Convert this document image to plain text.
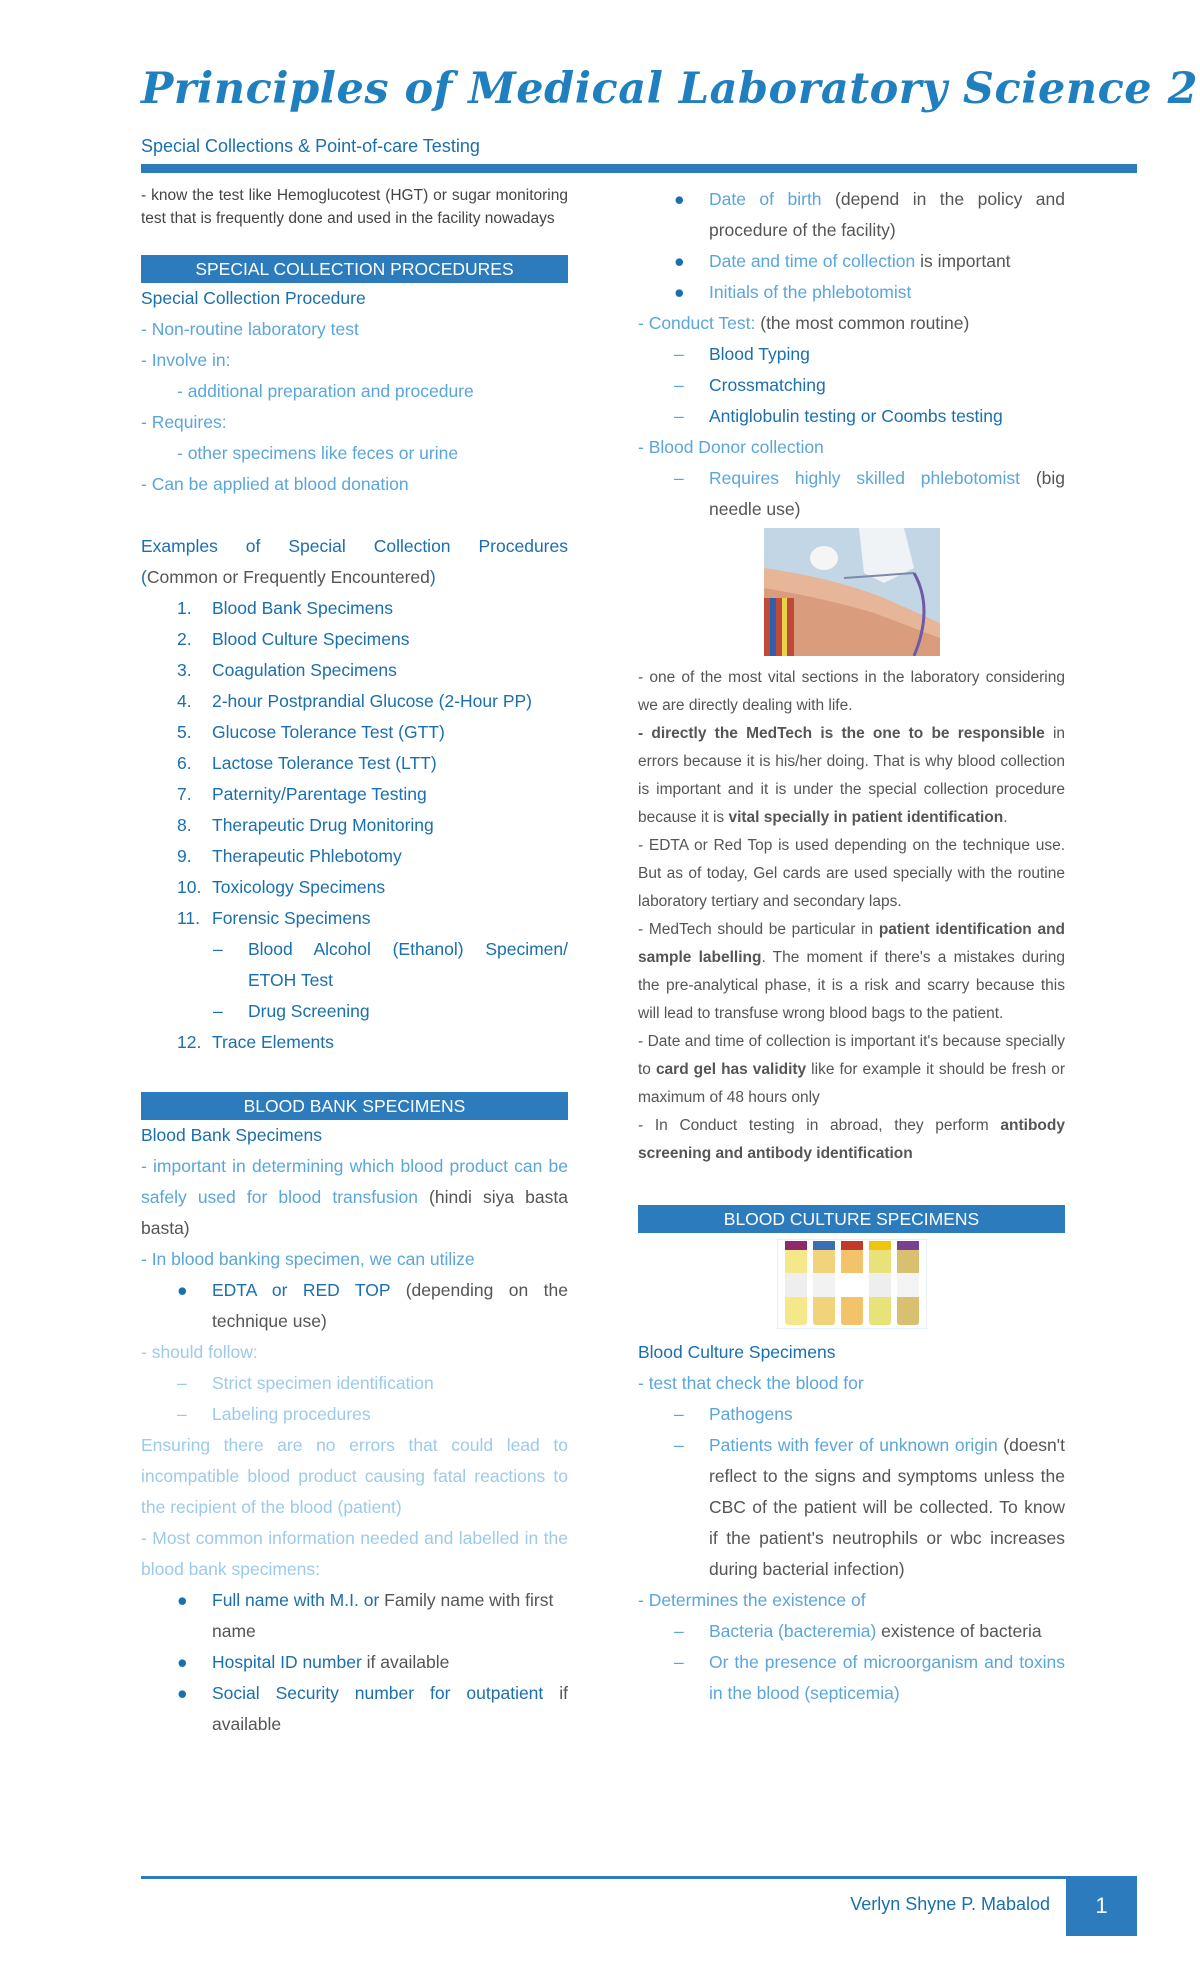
Principles of Medical Laboratory Science 2
Special Collections & Point-of-care Testing

- know the test like Hemoglucotest (HGT) or sugar monitoring test that is frequently done and used in the facility nowadays

SPECIAL COLLECTION PROCEDURES

Special Collection Procedure

- Non-routine laboratory test

- Involve in:

- additional preparation and procedure

- Requires:

- other specimens like feces or urine

- Can be applied at blood donation

Examples of Special Collection Procedures

(Common or Frequently Encountered)

1. Blood Bank Specimens
2. Blood Culture Specimens
3. Coagulation Specimens
4. 2-hour Postprandial Glucose (2-Hour PP)
5. Glucose Tolerance Test (GTT)
6. Lactose Tolerance Test (LTT)
7. Paternity/Parentage Testing
8. Therapeutic Drug Monitoring
9. Therapeutic Phlebotomy
10. Toxicology Specimens
11. Forensic Specimens
– Blood Alcohol (Ethanol) Specimen/ ETOH Test
– Drug Screening
12. Trace Elements
BLOOD BANK SPECIMENS

Blood Bank Specimens

- important in determining which blood product can be safely used for blood transfusion (hindi siya basta basta)

- In blood banking specimen, we can utilize

● EDTA or RED TOP (depending on the technique use)

- should follow:

– Strict specimen identification
– Labeling procedures

Ensuring there are no errors that could lead to incompatible blood product causing fatal reactions to the recipient of the blood (patient)

- Most common information needed and labelled in the blood bank specimens:

● Full name with M.I. or Family name with first name
● Hospital ID number if available
● Social Security number for outpatient if available
● Date of birth (depend in the policy and procedure of the facility)
● Date and time of collection is important
● Initials of the phlebotomist

- Conduct Test: (the most common routine)

– Blood Typing
– Crossmatching
– Antiglobulin testing or Coombs testing

- Blood Donor collection

– Requires highly skilled phlebotomist (big needle use)

- one of the most vital sections in the laboratory considering we are directly dealing with life.

- directly the MedTech is the one to be responsible in errors because it is his/her doing. That is why blood collection is important and it is under the special collection procedure because it is vital specially in patient identification.

- EDTA or Red Top is used depending on the technique use. But as of today, Gel cards are used specially with the routine laboratory tertiary and secondary laps.

- MedTech should be particular in patient identification and sample labelling. The moment if there's a mistakes during the pre-analytical phase, it is a risk and scarry because this will lead to transfuse wrong blood bags to the patient.

- Date and time of collection is important it's because specially to card gel has validity like for example it should be fresh or maximum of 48 hours only

- In Conduct testing in abroad, they perform antibody screening and antibody identification

BLOOD CULTURE SPECIMENS

Blood Culture Specimens

- test that check the blood for

– Pathogens
– Patients with fever of unknown origin (doesn't reflect to the signs and symptoms unless the CBC of the patient will be collected. To know if the patient's neutrophils or wbc increases during bacterial infection)

- Determines the existence of

– Bacteria (bacteremia) existence of bacteria
– Or the presence of microorganism and toxins in the blood (septicemia)
Verlyn Shyne P. Mabalod	1
